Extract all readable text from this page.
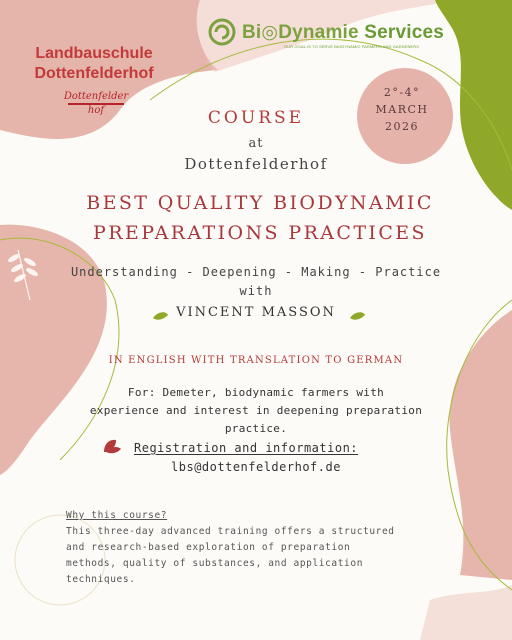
Landbauschule
Dottenfelderhof
Dottenfelder
hof
Bi◎Dynamie Services
OUR GOAL IS TO SERVE BIODYNAMIC FARMERS AND GARDENERS
2°-4°
MARCH
2026
COURSE
at
Dottenfelderhof
BEST QUALITY BIODYNAMIC
PREPARATIONS PRACTICES
Understanding - Deepening - Making - Practice
with
VINCENT MASSON
IN ENGLISH WITH TRANSLATION TO GERMAN
For: Demeter, biodynamic farmers with
experience and interest in deepening preparation
practice.
Registration and information:
lbs@dottenfelderhof.de
Why this course?
This three-day advanced training offers a structured
and research-based exploration of preparation
methods, quality of substances, and application
techniques.
